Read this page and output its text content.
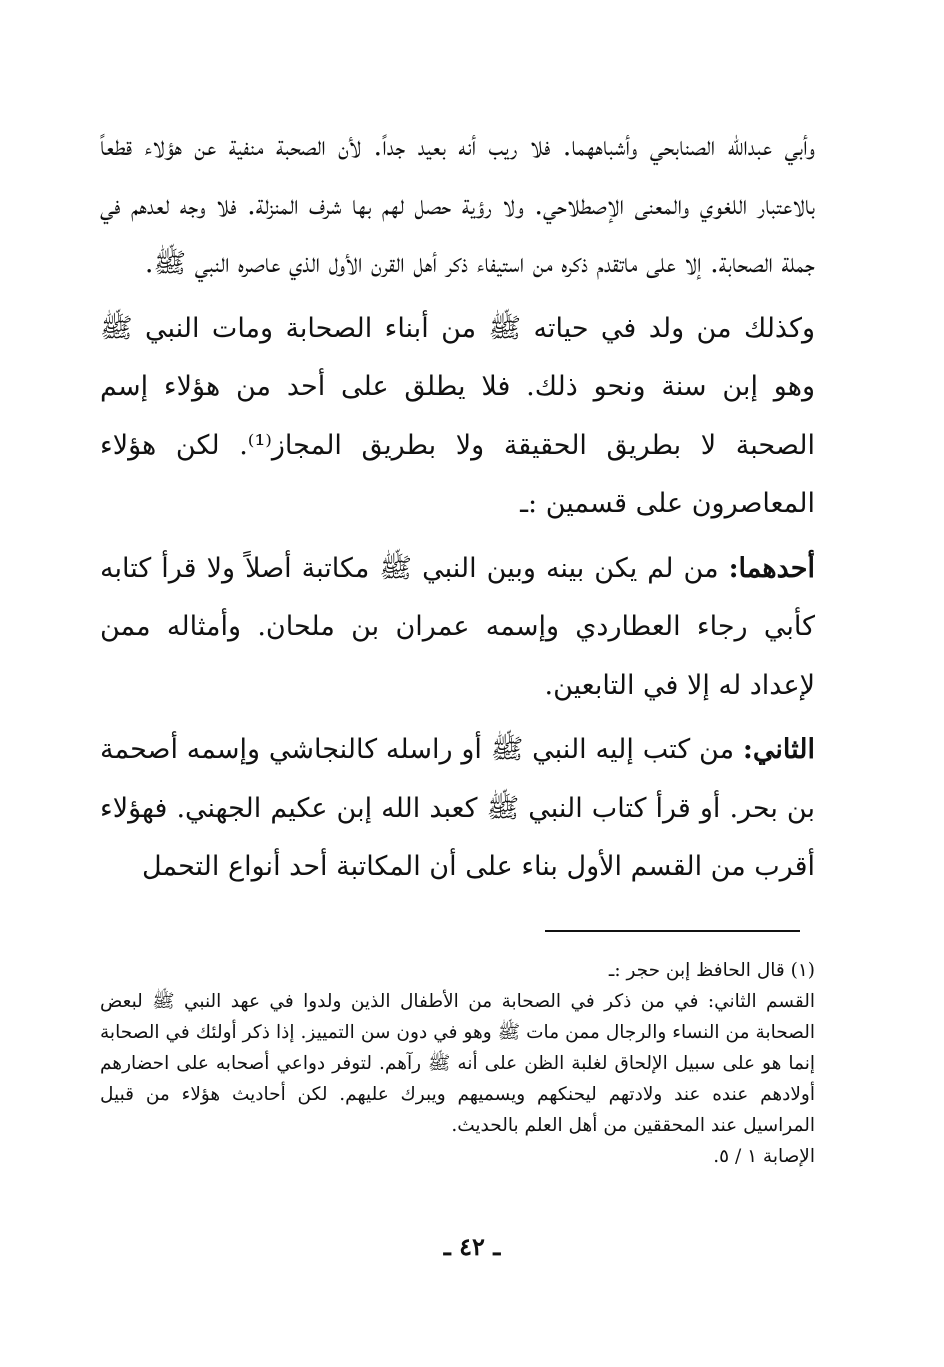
وأبي عبدالله الصنابحي وأشباههما. فلا ريب أنه بعيد جداً. لأن الصحبة منفية عن هؤلاء قطعاً بالاعتبار اللغوي والمعنى الإصطلاحي. ولا رؤية حصل لهم بها شرف المنزلة. فلا وجه لعدهم في جملة الصحابة. إلا على ماتقدم ذكره من استيفاء ذكر أهل القرن الأول الذي عاصره النبي ﷺ.

وكذلك من ولد في حياته ﷺ من أبناء الصحابة ومات النبي ﷺ وهو إبن سنة ونحو ذلك. فلا يطلق على أحد من هؤلاء إسم الصحبة لا بطريق الحقيقة ولا بطريق المجاز⁽¹⁾. لكن هؤلاء المعاصرون على قسمين :ـ

أحدهما: من لم يكن بينه وبين النبي ﷺ مكاتبة أصلاً ولا قرأ كتابه كأبي رجاء العطاردي وإسمه عمران بن ملحان. وأمثاله ممن لإعداد له إلا في التابعين.

الثاني: من كتب إليه النبي ﷺ أو راسله كالنجاشي وإسمه أصحمة بن بحر. أو قرأ كتاب النبي ﷺ كعبد الله إبن عكيم الجهني. فهؤلاء أقرب من القسم الأول بناء على أن المكاتبة أحد أنواع التحمل

(١) قال الحافظ إبن حجر :ـ

القسم الثاني: في من ذكر في الصحابة من الأطفال الذين ولدوا في عهد النبي ﷺ لبعض الصحابة من النساء والرجال ممن مات ﷺ وهو في دون سن التمييز. إذا ذكر أولئك في الصحابة إنما هو على سبيل الإلحاق لغلبة الظن على أنه ﷺ رآهم. لتوفر دواعي أصحابه على احضارهم أولادهم عنده عند ولادتهم ليحنكهم ويسميهم ويبرك عليهم. لكن أحاديث هؤلاء من قبيل المراسيل عند المحققين من أهل العلم بالحديث.

الإصابة ١ / ٥.

ـ ٤٢ ـ
